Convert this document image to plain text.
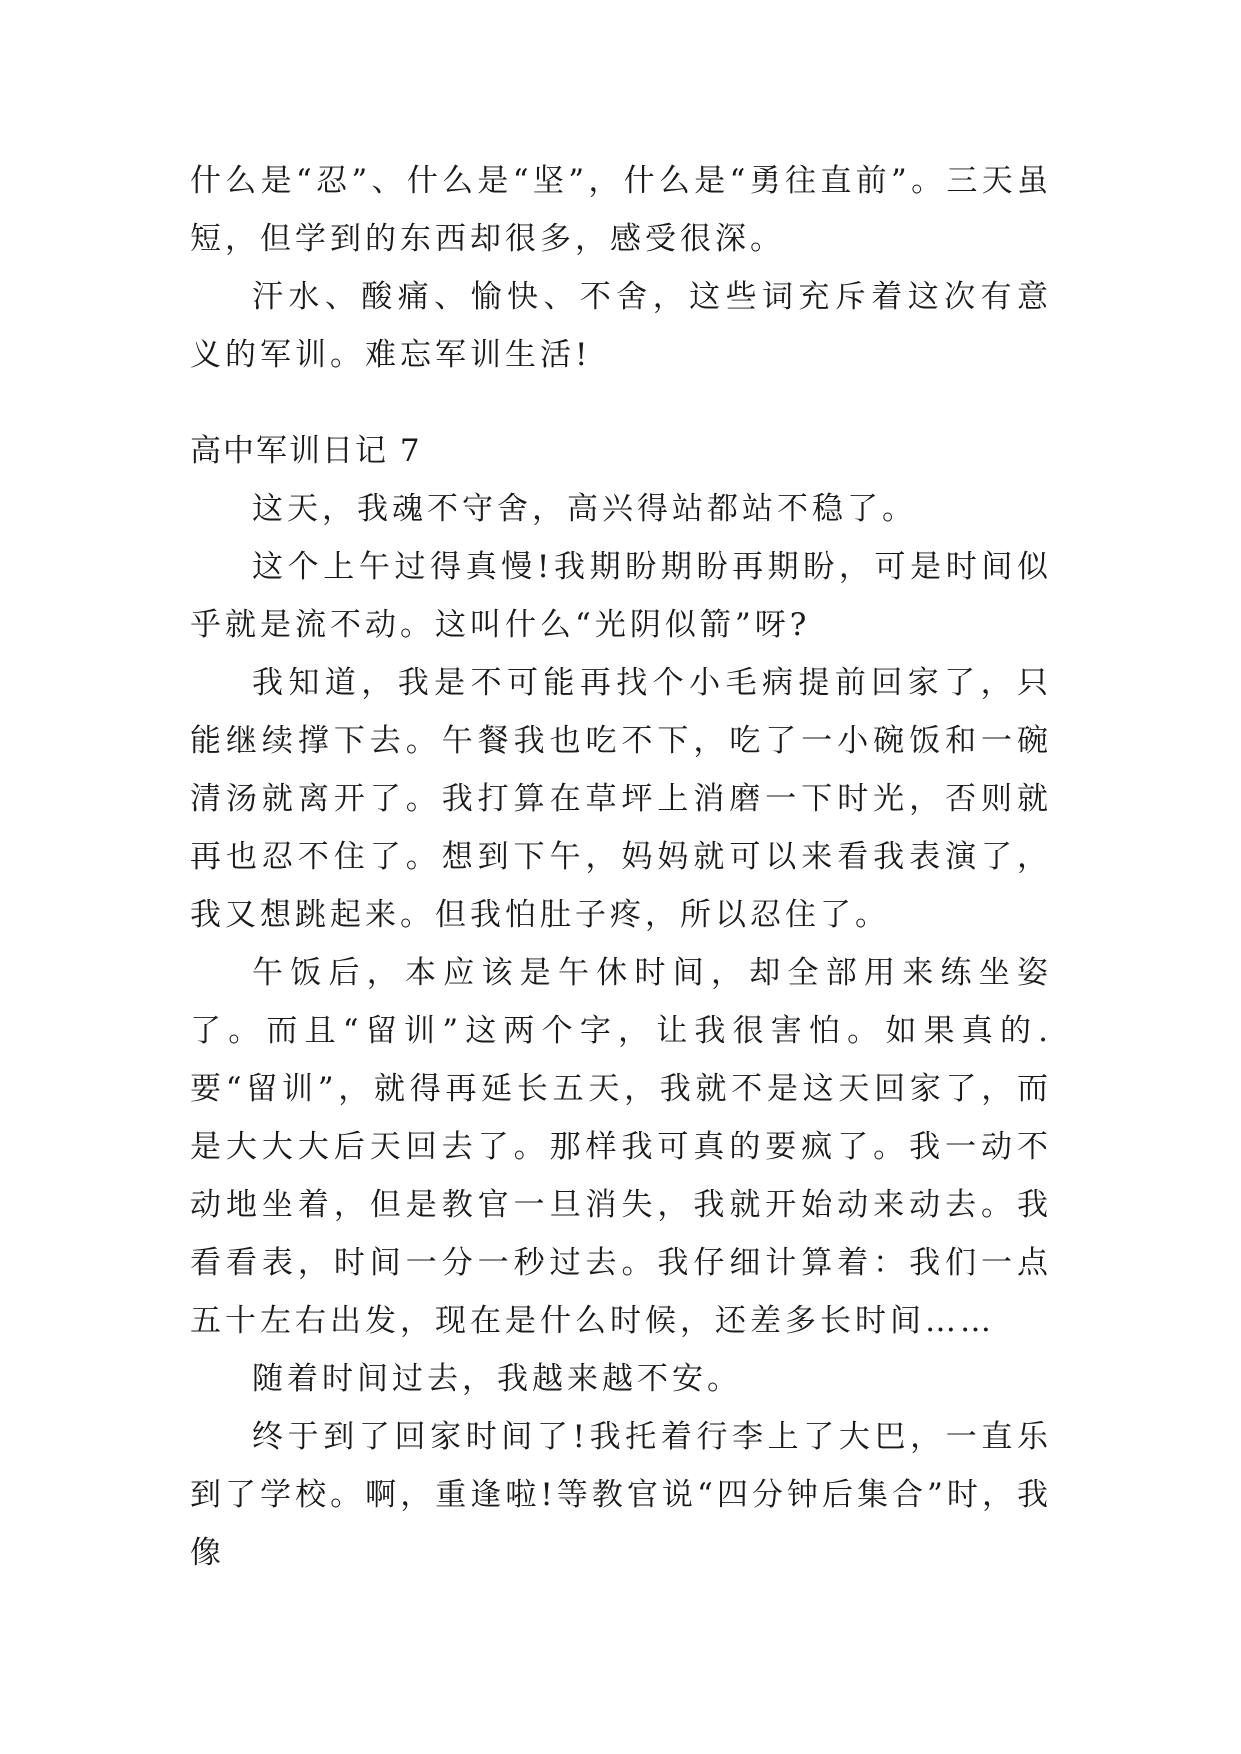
什么是“忍”、什么是“坚”，什么是“勇往直前”。三天虽短，但学到的东西却很多，感受很深。

汗水、酸痛、愉快、不舍，这些词充斥着这次有意义的军训。难忘军训生活!

高中军训日记 7

这天，我魂不守舍，高兴得站都站不稳了。

这个上午过得真慢!我期盼期盼再期盼，可是时间似乎就是流不动。这叫什么“光阴似箭”呀?

我知道，我是不可能再找个小毛病提前回家了，只能继续撑下去。午餐我也吃不下，吃了一小碗饭和一碗清汤就离开了。我打算在草坪上消磨一下时光，否则就再也忍不住了。想到下午，妈妈就可以来看我表演了，我又想跳起来。但我怕肚子疼，所以忍住了。

午饭后，本应该是午休时间，却全部用来练坐姿了。而且“留训”这两个字，让我很害怕。如果真的.要“留训”，就得再延长五天，我就不是这天回家了，而是大大大后天回去了。那样我可真的要疯了。我一动不动地坐着，但是教官一旦消失，我就开始动来动去。我看看表，时间一分一秒过去。我仔细计算着：我们一点五十左右出发，现在是什么时候，还差多长时间……

随着时间过去，我越来越不安。

终于到了回家时间了!我托着行李上了大巴，一直乐到了学校。啊，重逢啦!等教官说“四分钟后集合”时，我像
